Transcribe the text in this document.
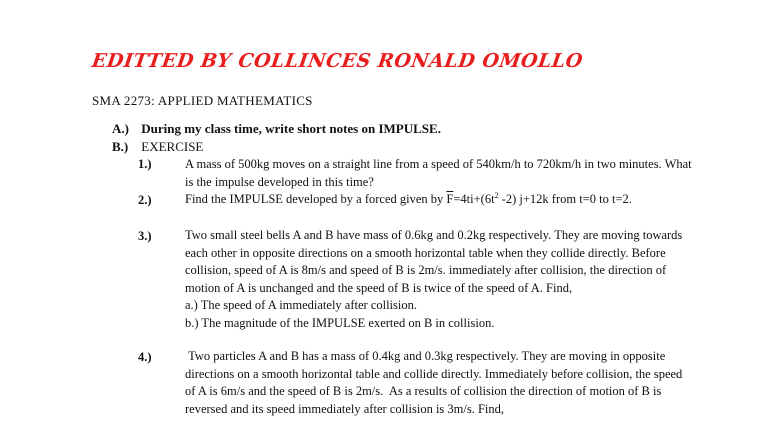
EDITTED BY COLLINCES RONALD OMOLLO
SMA 2273: APPLIED MATHEMATICS
A.) During my class time, write short notes on IMPULSE.
B.) EXERCISE
1.)	A mass of 500kg moves on a straight line from a speed of 540km/h to 720km/h in two minutes. What is the impulse developed in this time?
2.)	Find the IMPULSE developed by a forced given by $\overline{F}=4ti+(6t^2$ -2) j+12k from t=0 to t=2.
3.)	Two small steel bells A and B have mass of 0.6kg and 0.2kg respectively. They are moving towards each other in opposite directions on a smooth horizontal table when they collide directly. Before collision, speed of A is 8m/s and speed of B is 2m/s. immediately after collision, the direction of motion of A is unchanged and the speed of B is twice of the speed of A. Find,
a.) The speed of A immediately after collision.
b.) The magnitude of the IMPULSE exerted on B in collision.
4.)	Two particles A and B has a mass of 0.4kg and 0.3kg respectively. They are moving in opposite directions on a smooth horizontal table and collide directly. Immediately before collision, the speed of A is 6m/s and the speed of B is 2m/s.  As a results of collision the direction of motion of B is reversed and its speed immediately after collision is 3m/s. Find,
